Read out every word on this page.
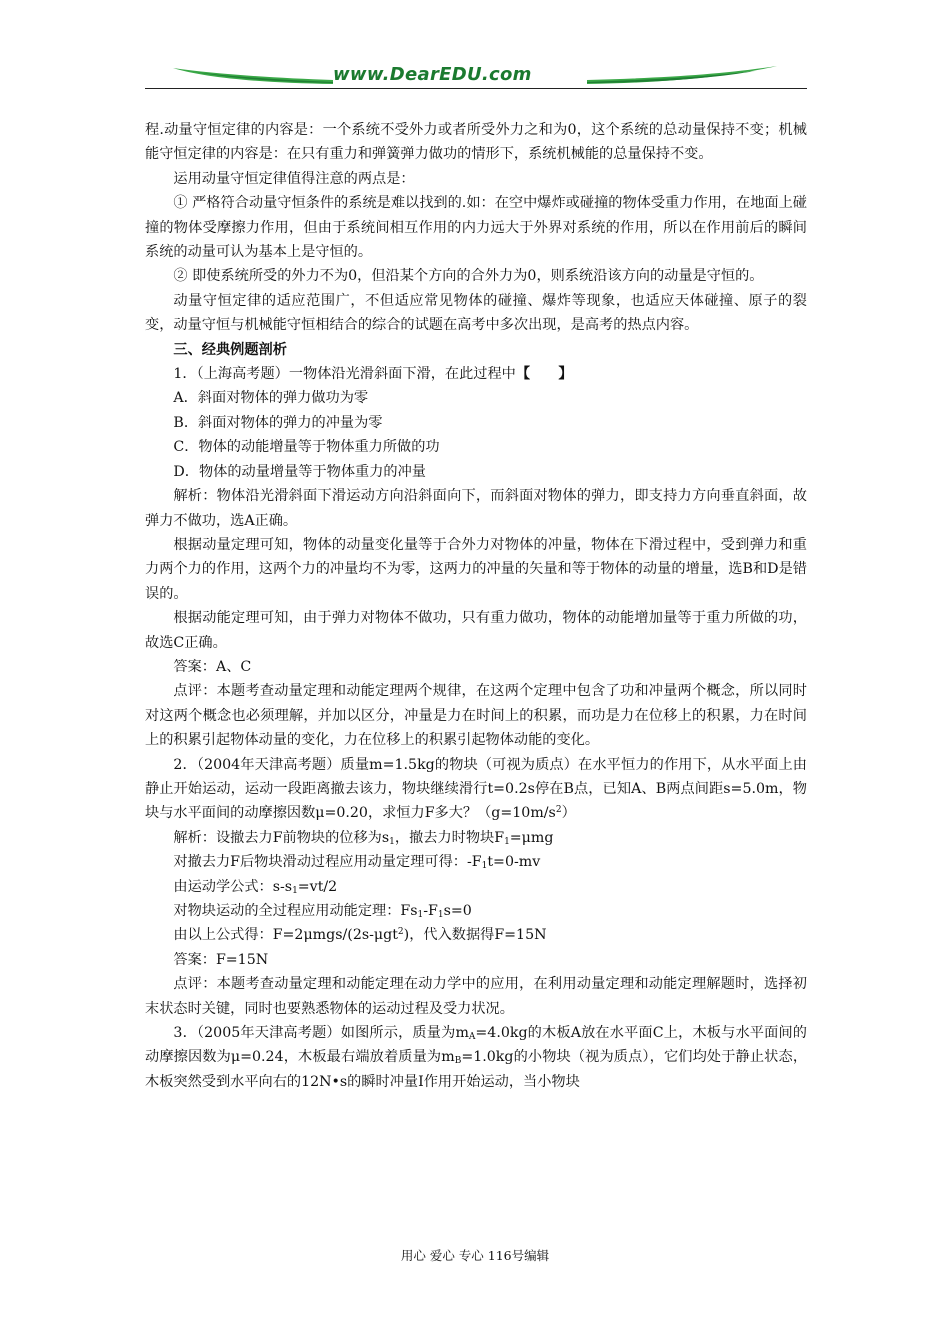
www.DearEDU.com

程.动量守恒定律的内容是：一个系统不受外力或者所受外力之和为0，这个系统的总动量保持不变；机械能守恒定律的内容是：在只有重力和弹簧弹力做功的情形下，系统机械能的总量保持不变。

运用动量守恒定律值得注意的两点是：

① 严格符合动量守恒条件的系统是难以找到的.如：在空中爆炸或碰撞的物体受重力作用，在地面上碰撞的物体受摩擦力作用，但由于系统间相互作用的内力远大于外界对系统的作用，所以在作用前后的瞬间系统的动量可认为基本上是守恒的。

② 即使系统所受的外力不为0，但沿某个方向的合外力为0，则系统沿该方向的动量是守恒的。

动量守恒定律的适应范围广，不但适应常见物体的碰撞、爆炸等现象，也适应天体碰撞、原子的裂变，动量守恒与机械能守恒相结合的综合的试题在高考中多次出现，是高考的热点内容。

三、经典例题剖析

1．（上海高考题）一物体沿光滑斜面下滑，在此过程中【　　】

A．斜面对物体的弹力做功为零

B．斜面对物体的弹力的冲量为零

C．物体的动能增量等于物体重力所做的功

D．物体的动量增量等于物体重力的冲量

解析：物体沿光滑斜面下滑运动方向沿斜面向下，而斜面对物体的弹力，即支持力方向垂直斜面，故弹力不做功，选A正确。

根据动量定理可知，物体的动量变化量等于合外力对物体的冲量，物体在下滑过程中，受到弹力和重力两个力的作用，这两个力的冲量均不为零，这两力的冲量的矢量和等于物体的动量的增量，选B和D是错误的。

根据动能定理可知，由于弹力对物体不做功，只有重力做功，物体的动能增加量等于重力所做的功，故选C正确。

答案：A、C

点评：本题考查动量定理和动能定理两个规律，在这两个定理中包含了功和冲量两个概念，所以同时对这两个概念也必须理解，并加以区分，冲量是力在时间上的积累，而功是力在位移上的积累，力在时间上的积累引起物体动量的变化，力在位移上的积累引起物体动能的变化。

2．（2004年天津高考题）质量m=1.5kg的物块（可视为质点）在水平恒力的作用下，从水平面上由静止开始运动，运动一段距离撤去该力，物块继续滑行t=0.2s停在B点，已知A、B两点间距s=5.0m，物块与水平面间的动摩擦因数μ=0.20，求恒力F多大？$(g=10m/s^2)$

解析：设撤去力F前物块的位移为$s_1$，撤去力时物块$F_1=\mu mg$

对撤去力F后物块滑动过程应用动量定理可得：$-F_1t=0-mv$

由运动学公式：$s-s_1=vt/2$

对物块运动的全过程应用动能定理：$Fs_1-F_1s=0$

由以上公式得：F=2μmgs/(2s-μgt$^2$)，代入数据得F=15N

答案：F=15N

点评：本题考查动量定理和动能定理在动力学中的应用，在利用动量定理和动能定理解题时，选择初末状态时关键，同时也要熟悉物体的运动过程及受力状况。

3．（2005年天津高考题）如图所示，质量为$m_A=4.0kg$的木板A放在水平面C上，木板与水平面间的动摩擦因数为μ=0.24，木板最右端放着质量为$m_B=1.0kg$的小物块（视为质点），它们均处于静止状态，木板突然受到水平向右的12N•s的瞬时冲量I作用开始运动，当小物块

用心 爱心 专心 116号编辑
